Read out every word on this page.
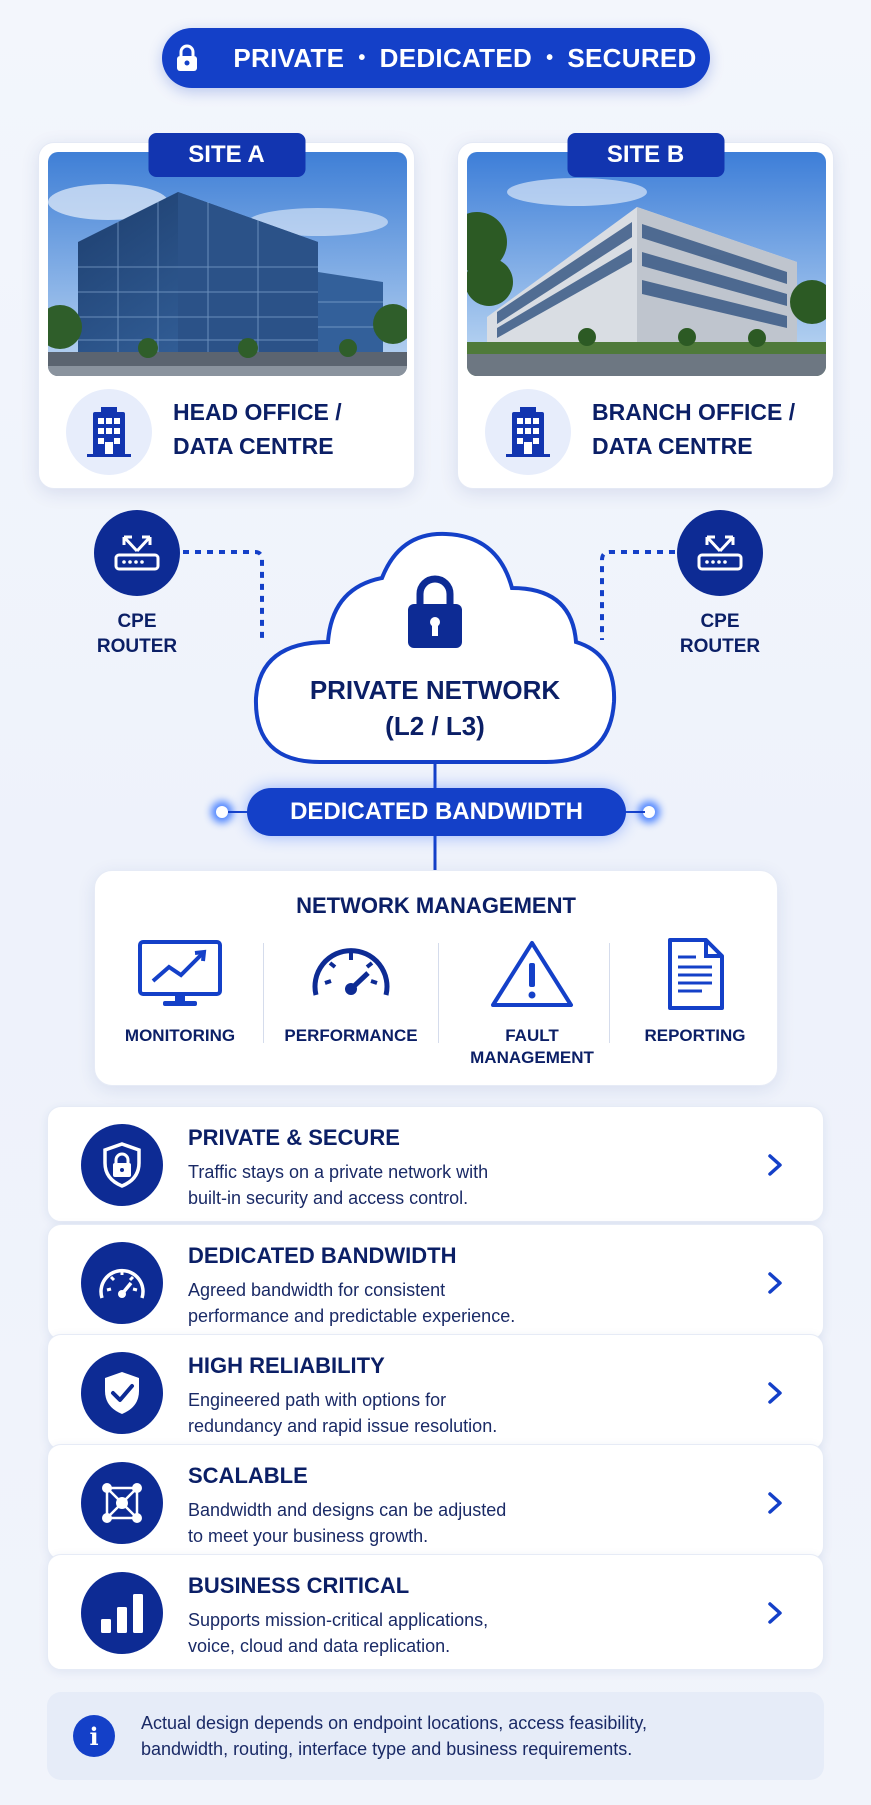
PRIVATE • DEDICATED • SECURED
SITE A
HEAD OFFICE /
DATA CENTRE
SITE B
BRANCH OFFICE /
DATA CENTRE
CPE
ROUTER
CPE
ROUTER
PRIVATE NETWORK
(L2 / L3)
DEDICATED BANDWIDTH
NETWORK MANAGEMENT
MONITORING	PERFORMANCE	FAULT
MANAGEMENT
REPORTING
PRIVATE & SECURE
Traffic stays on a private network with
built-in security and access control.
DEDICATED BANDWIDTH
Agreed bandwidth for consistent
performance and predictable experience.
HIGH RELIABILITY
Engineered path with options for
redundancy and rapid issue resolution.
SCALABLE
Bandwidth and designs can be adjusted
to meet your business growth.
BUSINESS CRITICAL
Supports mission-critical applications,
voice, cloud and data replication.
i	Actual design depends on endpoint locations, access feasibility,
bandwidth, routing, interface type and business requirements.
